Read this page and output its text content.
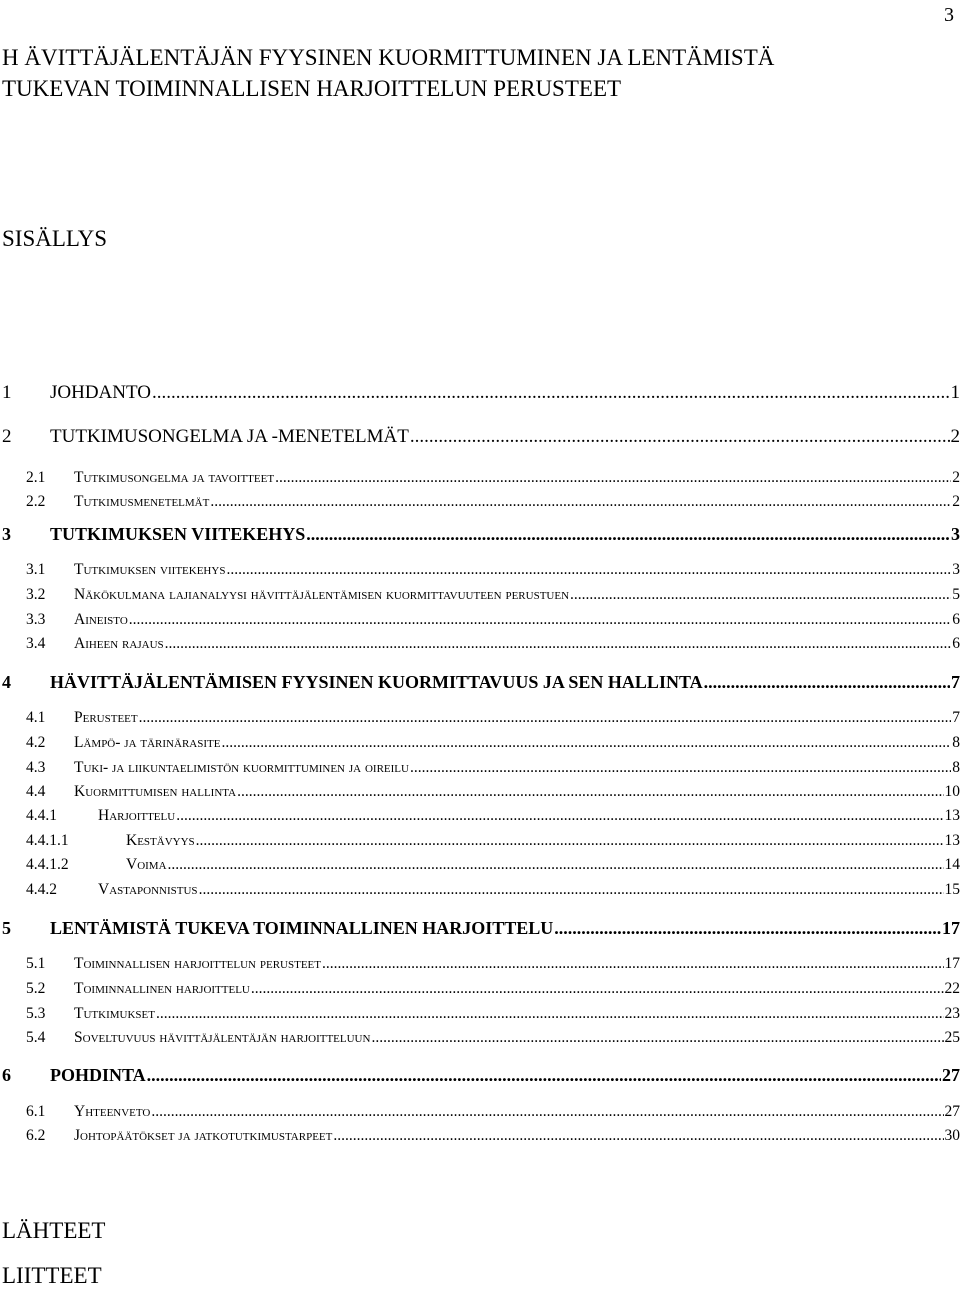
3
H ÄVITTÄJÄLENTÄJÄN FYYSINEN KUORMITTUMINEN JA LENTÄMISTÄ
TUKEVAN TOIMINNALLISEN HARJOITTELUN PERUSTEET
SISÄLLYS
1	JOHDANTO .....	1
2	TUTKIMUSONGELMA JA -MENETELMÄT .....	2
2.1	Tutkimusongelma ja tavoitteet .....	2
2.2	Tutkimusmenetelmät .....	2
3	TUTKIMUKSEN VIITEKEHYS .....	3
3.1	Tutkimuksen viitekehys .....	3
3.2	Näkökulmana lajianalyysi hävittäjälentämisen kuormittavuuteen perustuen .....	5
3.3	Aineisto .....	6
3.4	Aiheen rajaus .....	6
4	HÄVITTÄJÄLENTÄMISEN FYYSINEN KUORMITTAVUUS JA SEN HALLINTA .....	7
4.1	Perusteet .....	7
4.2	Lämpö- ja tärinärasite .....	8
4.3	Tuki- ja liikuntaelimistön kuormittuminen ja oireilu .....	8
4.4	Kuormittumisen hallinta .....	10
4.4.1	Harjoittelu .....	13
4.4.1.1	Kestävyys .....	13
4.4.1.2	Voima .....	14
4.4.2	Vastaponnistus .....	15
5	LENTÄMISTÄ TUKEVA TOIMINNALLINEN HARJOITTELU .....	17
5.1	Toiminnallisen harjoittelun perusteet .....	17
5.2	Toiminnallinen harjoittelu .....	22
5.3	Tutkimukset .....	23
5.4	Soveltuvuus hävittäjälentäjän harjoitteluun .....	25
6	POHDINTA .....	27
6.1	Yhteenveto .....	27
6.2	Johtopäätökset ja jatkotutkimustarpeet .....	30
LÄHTEET
LIITTEET
